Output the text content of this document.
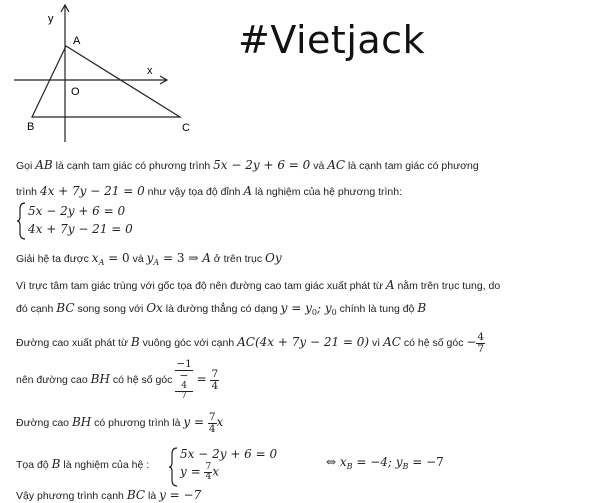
y
x
A
O
B	C
#Vietjack
Gọi AB là cạnh tam giác có phương trình 5x − 2y + 6 = 0 và AC là cạnh tam giác có phương
trình 4x + 7y − 21 = 0 như vậy tọa độ đỉnh A là nghiệm của hệ phương trình:
5x − 2y + 6 = 0
4x + 7y − 21 = 0
Giải hệ ta được $x_A = 0$ và $y_A = 3$ ⇒ A ở trên trục Oy
Vì trực tâm tam giác trùng với gốc tọa độ nên đường cao tam giác xuất phát từ A nằm trên trục tung, do
đó cạnh BC song song với Ox là đường thẳng có dạng $y = y_0$; $y_0$ chính là tung độ B
Đường cao xuất phát từ B vuông góc với cạnh AC(4x + 7y − 21 = 0) vì AC có hệ số góc − $\frac{4}{7}$
nên đường cao BH có hệ số góc −1
−
4
$7 = \frac{7}{4}$
Đường cao BH có phương trình là $y = \frac{7}{4}$ x
Tọa độ B là nghiệm của hệ :
5x − 2y + 6 = 0
$y = \frac{7}{4}$ x
⇔ $x_B = -4$; $y_B = -7$
Vậy phương trình cạnh BC là y = −7
